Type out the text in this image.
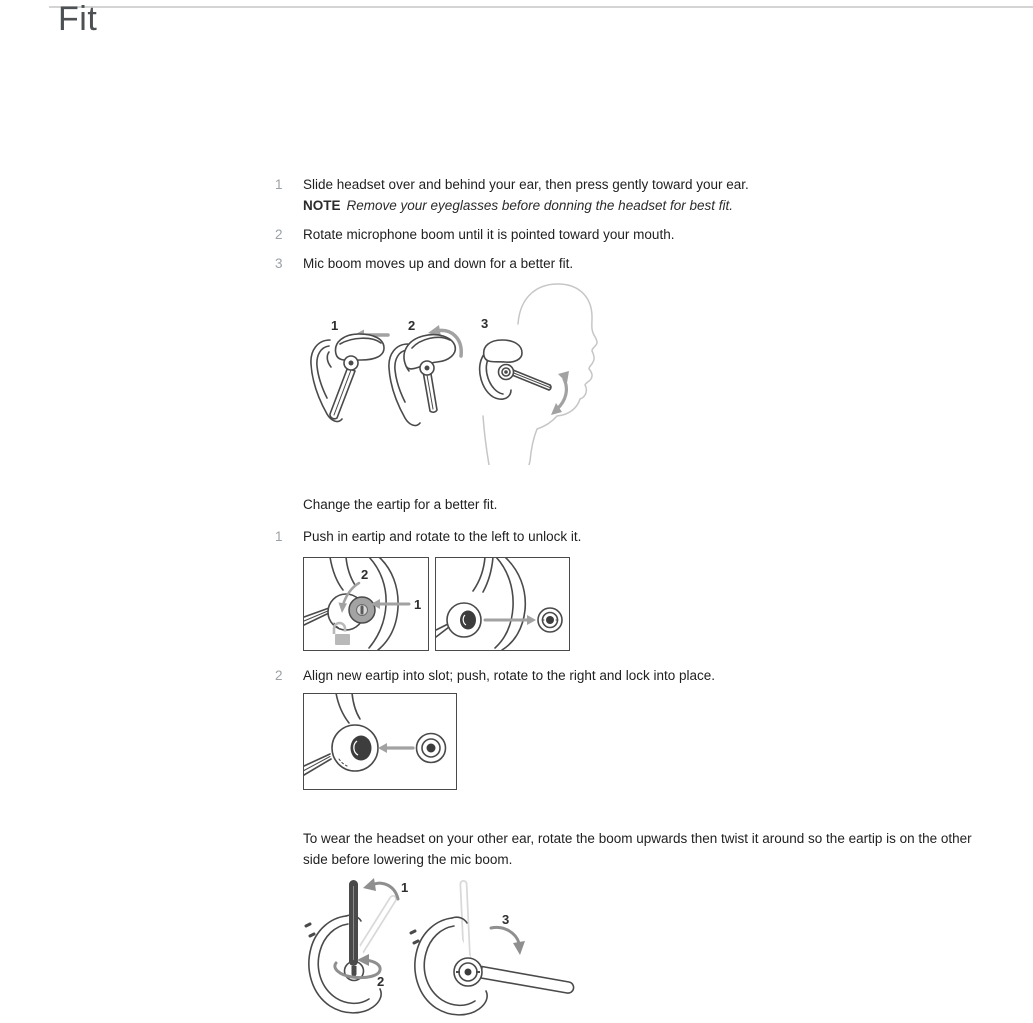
Fit
1	Slide headset over and behind your ear, then press gently toward your ear.
NOTE Remove your eyeglasses before donning the headset for best fit.
2	Rotate microphone boom until it is pointed toward your mouth.
3	Mic boom moves up and down for a better fit.
1	2	3

Change the eartip for a better fit.

1	Push in eartip and rotate to the left to unlock it.
2
1
2	Align new eartip into slot; push, rotate to the right and lock into place.

To wear the headset on your other ear, rotate the boom upwards then twist it around so the eartip is on the other side before lowering the mic boom.

1
2
3
